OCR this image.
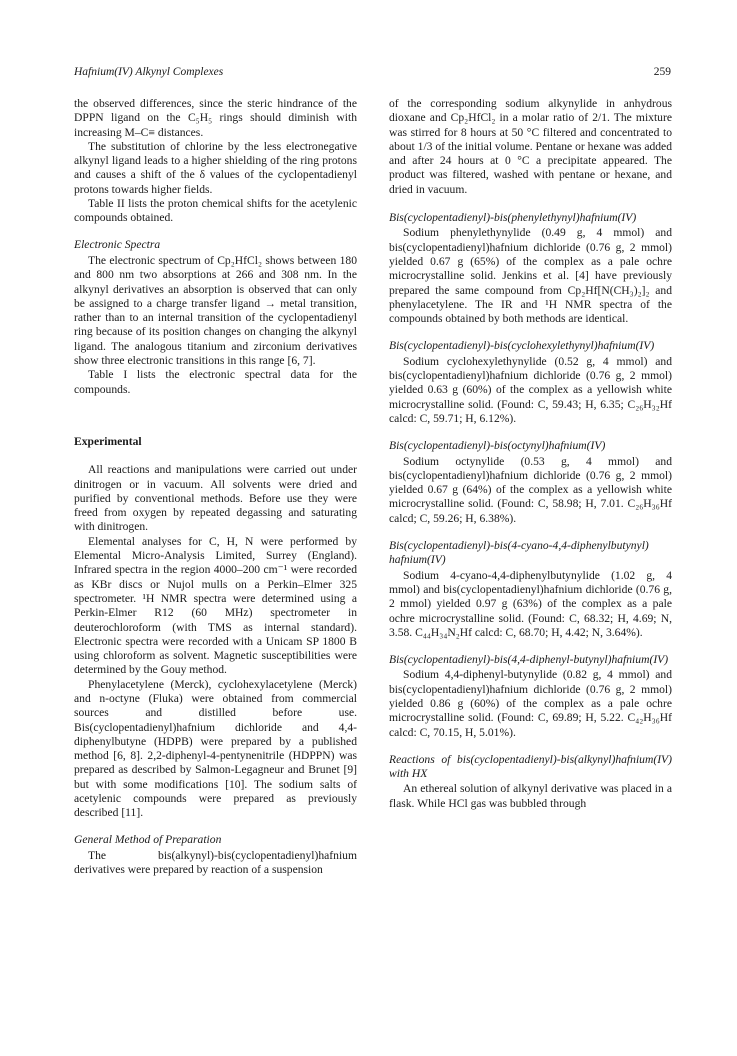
Hafnium(IV) Alkynyl Complexes	259

the observed differences, since the steric hindrance of the DPPN ligand on the C₅H₅ rings should diminish with increasing M–C≡ distances.

The substitution of chlorine by the less electronegative alkynyl ligand leads to a higher shielding of the ring protons and causes a shift of the δ values of the cyclopentadienyl protons towards higher fields.

Table II lists the proton chemical shifts for the acetylenic compounds obtained.

Electronic Spectra

The electronic spectrum of Cp₂HfCl₂ shows between 180 and 800 nm two absorptions at 266 and 308 nm. In the alkynyl derivatives an absorption is observed that can only be assigned to a charge transfer ligand → metal transition, rather than to an internal transition of the cyclopentadienyl ring because of its position changes on changing the alkynyl ligand. The analogous titanium and zirconium derivatives show three electronic transitions in this range [6, 7].

Table I lists the electronic spectral data for the compounds.

Experimental

All reactions and manipulations were carried out under dinitrogen or in vacuum. All solvents were dried and purified by conventional methods. Before use they were freed from oxygen by repeated degassing and saturating with dinitrogen.

Elemental analyses for C, H, N were performed by Elemental Micro-Analysis Limited, Surrey (England). Infrared spectra in the region 4000–200 cm⁻¹ were recorded as KBr discs or Nujol mulls on a Perkin–Elmer 325 spectrometer. ¹H NMR spectra were determined using a Perkin-Elmer R12 (60 MHz) spectrometer in deuterochloroform (with TMS as internal standard). Electronic spectra were recorded with a Unicam SP 1800 B using chloroform as solvent. Magnetic susceptibilities were determined by the Gouy method.

Phenylacetylene (Merck), cyclohexylacetylene (Merck) and n-octyne (Fluka) were obtained from commercial sources and distilled before use. Bis(cyclopentadienyl)hafnium dichloride and 4,4-diphenylbutyne (HDPB) were prepared by a published method [6, 8]. 2,2-diphenyl-4-pentynenitrile (HDPPN) was prepared as described by Salmon-Legagneur and Brunet [9] but with some modifications [10]. The sodium salts of acetylenic compounds were prepared as previously described [11].

General Method of Preparation

The bis(alkynyl)-bis(cyclopentadienyl)hafnium derivatives were prepared by reaction of a suspension

of the corresponding sodium alkynylide in anhydrous dioxane and Cp₂HfCl₂ in a molar ratio of 2/1. The mixture was stirred for 8 hours at 50 °C filtered and concentrated to about 1/3 of the initial volume. Pentane or hexane was added and after 24 hours at 0 °C a precipitate appeared. The product was filtered, washed with pentane or hexane, and dried in vacuum.

Bis(cyclopentadienyl)-bis(phenylethynyl)hafnium(IV)

Sodium phenylethynylide (0.49 g, 4 mmol) and bis(cyclopentadienyl)hafnium dichloride (0.76 g, 2 mmol) yielded 0.67 g (65%) of the complex as a pale ochre microcrystalline solid. Jenkins et al. [4] have previously prepared the same compound from Cp₂Hf[N(CH₃)₂]₂ and phenylacetylene. The IR and ¹H NMR spectra of the compounds obtained by both methods are identical.

Bis(cyclopentadienyl)-bis(cyclohexylethynyl)hafnium(IV)

Sodium cyclohexylethynylide (0.52 g, 4 mmol) and bis(cyclopentadienyl)hafnium dichloride (0.76 g, 2 mmol) yielded 0.63 g (60%) of the complex as a yellowish white microcrystalline solid. (Found: C, 59.43; H, 6.35; C₂₆H₃₂Hf calcd: C, 59.71; H, 6.12%).

Bis(cyclopentadienyl)-bis(octynyl)hafnium(IV)

Sodium octynylide (0.53 g, 4 mmol) and bis(cyclopentadienyl)hafnium dichloride (0.76 g, 2 mmol) yielded 0.67 g (64%) of the complex as a yellowish white microcrystalline solid. (Found: C, 58.98; H, 7.01. C₂₆H₃₆Hf calcd; C, 59.26; H, 6.38%).

Bis(cyclopentadienyl)-bis(4-cyano-4,4-diphenylbutynyl) hafnium(IV)

Sodium 4-cyano-4,4-diphenylbutynylide (1.02 g, 4 mmol) and bis(cyclopentadienyl)hafnium dichloride (0.76 g, 2 mmol) yielded 0.97 g (63%) of the complex as a pale ochre microcrystalline solid. (Found: C, 68.32; H, 4.69; N, 3.58. C₄₄H₃₄N₂Hf calcd: C, 68.70; H, 4.42; N, 3.64%).

Bis(cyclopentadienyl)-bis(4,4-diphenyl-butynyl)hafnium(IV)

Sodium 4,4-diphenyl-butynylide (0.82 g, 4 mmol) and bis(cyclopentadienyl)hafnium dichloride (0.76 g, 2 mmol) yielded 0.86 g (60%) of the complex as a pale ochre microcrystalline solid. (Found: C, 69.89; H, 5.22. C₄₂H₃₆Hf calcd: C, 70.15, H, 5.01%).

Reactions of bis(cyclopentadienyl)-bis(alkynyl)hafnium(IV) with HX

An ethereal solution of alkynyl derivative was placed in a flask. While HCl gas was bubbled through
